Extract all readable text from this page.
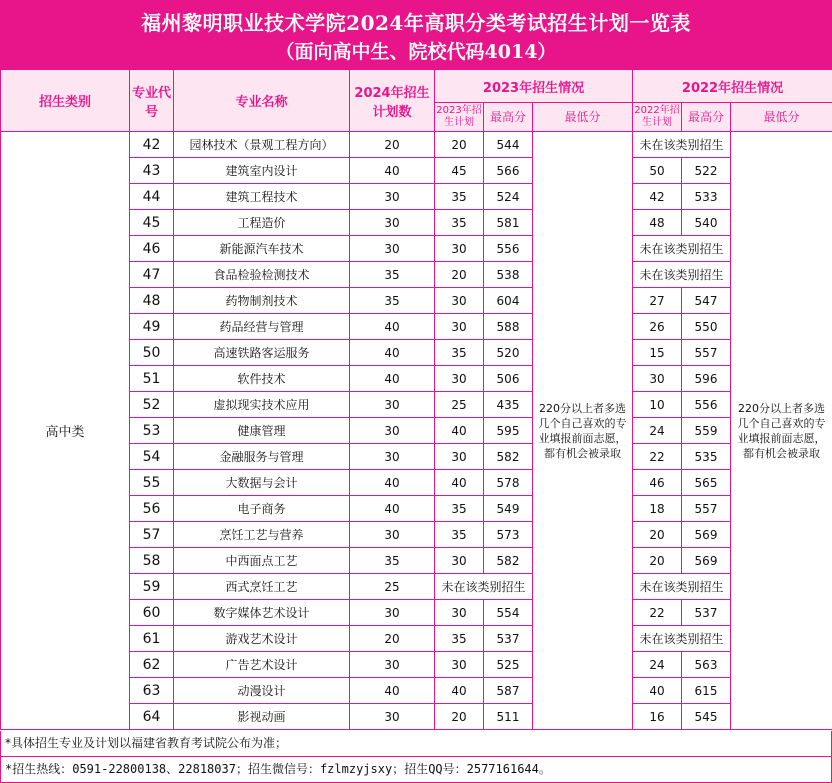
福州黎明职业技术学院2024年高职分类考试招生计划一览表
（面向高中生、院校代码4014）
招生类别	专业代号	专业名称	2024年招生计划数	2023年招生情况			2022年招生情况		
				2023年招生计划	最高分	最低分	2022年招生计划	最高分	最低分
高中类	42	园林技术（景观工程方向）	20	20	544	220分以上者多选几个自己喜欢的专业填报前面志愿，都有机会被录取	未在该类别招生		220分以上者多选几个自己喜欢的专业填报前面志愿，都有机会被录取
	43	建筑室内设计	40	45	566		50	522	
	44	建筑工程技术	30	35	524		42	533	
	45	工程造价	30	35	581		48	540	
	46	新能源汽车技术	30	30	556		未在该类别招生		
	47	食品检验检测技术	35	20	538		未在该类别招生		
	48	药物制剂技术	35	30	604		27	547	
	49	药品经营与管理	40	30	588		26	550	
	50	高速铁路客运服务	40	35	520		15	557	
	51	软件技术	40	30	506		30	596	
	52	虚拟现实技术应用	30	25	435		10	556	
	53	健康管理	30	40	595		24	559	
	54	金融服务与管理	30	30	582		22	535	
	55	大数据与会计	40	40	578		46	565	
	56	电子商务	40	35	549		18	557	
	57	烹饪工艺与营养	30	35	573		20	569	
	58	中西面点工艺	35	30	582		20	569	
	59	西式烹饪工艺	25	未在该类别招生			未在该类别招生		
	60	数字媒体艺术设计	30	30	554		22	537	
	61	游戏艺术设计	20	35	537		未在该类别招生		
	62	广告艺术设计	30	30	525		24	563	
	63	动漫设计	40	40	587		40	615	
	64	影视动画	30	20	511		16	545	
*具体招生专业及计划以福建省教育考试院公布为准；
*招生热线：0591-22800138、22818037；招生微信号：fzlmzyjsxy；招生QQ号：2577161644。
